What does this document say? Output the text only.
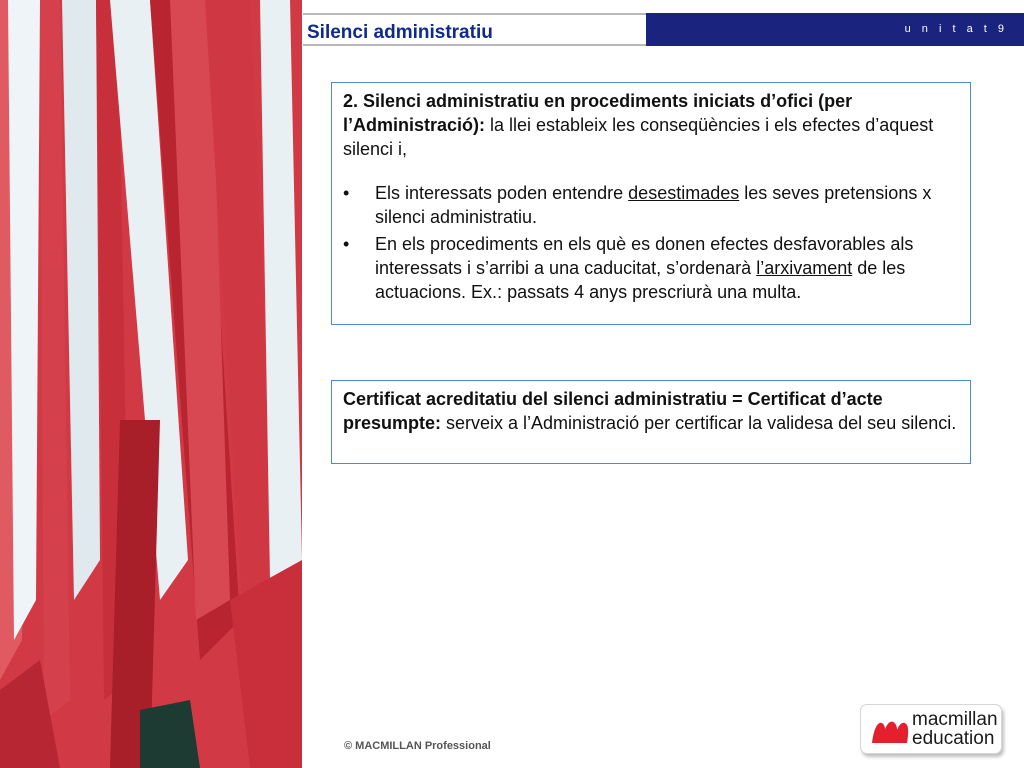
Silenci administratiu	u n i t a t 9
2. Silenci administratiu en procediments iniciats d’ofici (per l’Administració): la llei estableix les conseqüències i els efectes d’aquest silenci i,
• Els interessats poden entendre desestimades les seves pretensions x silenci administratiu.
• En els procediments en els què es donen efectes desfavorables als interessats i s’arribi a una caducitat, s’ordenarà l’arxivament de les actuacions. Ex.: passats 4 anys prescriurà una multa.
Certificat acreditatiu del silenci administratiu = Certificat d’acte presumpte: serveix a l’Administració per certificar la validesa del seu silenci.
© MACMILLAN Professional
macmillan
education
